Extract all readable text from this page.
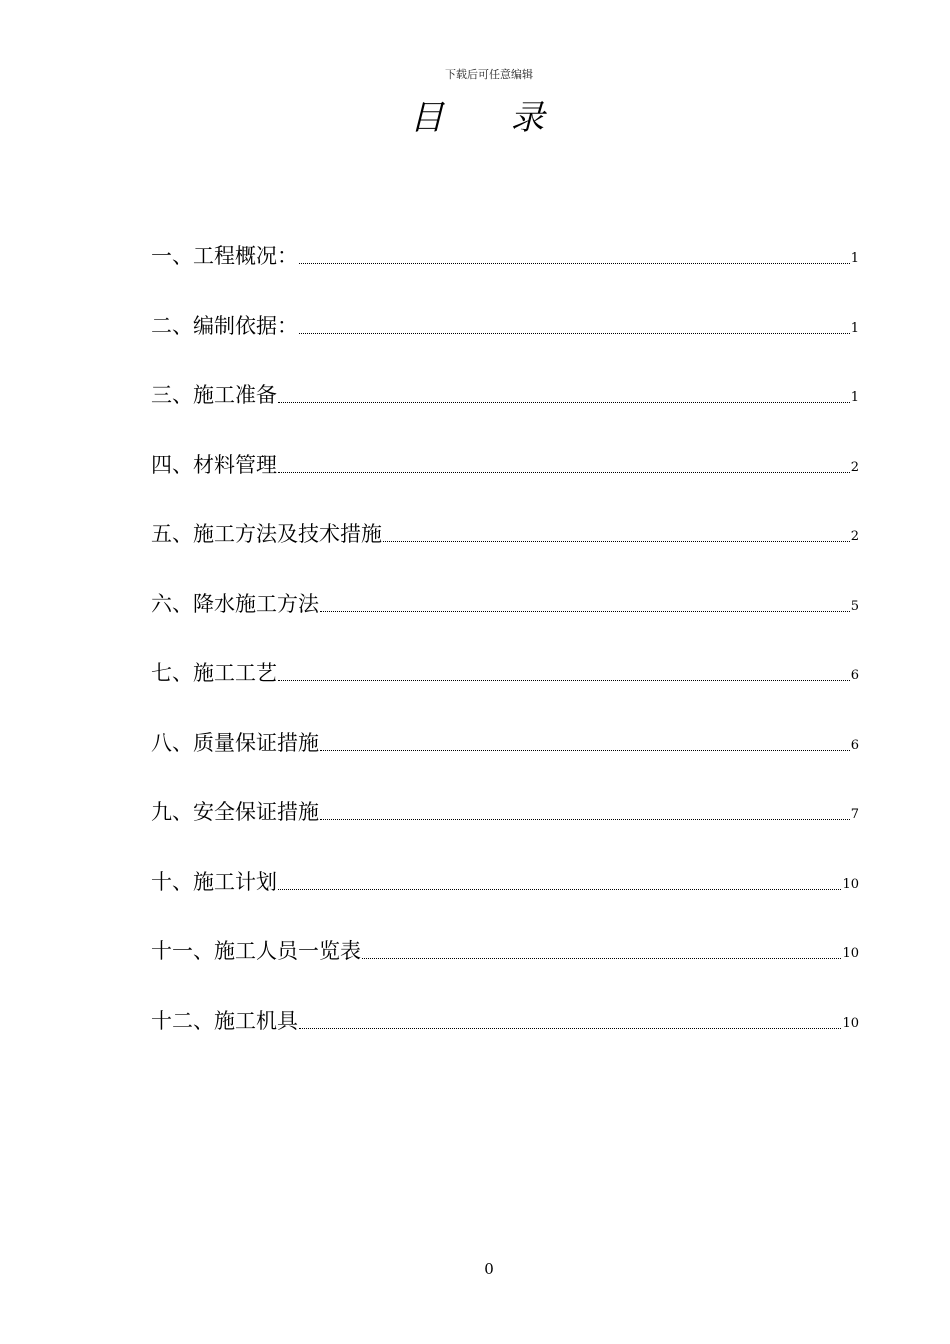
下载后可任意编辑
目 录
一、工程概况：	1
二、编制依据：	1
三、施工准备	1
四、材料管理	2
五、施工方法及技术措施	2
六、降水施工方法	5
七、施工工艺	6
八、质量保证措施	6
九、安全保证措施	7
十、施工计划	10
十一、施工人员一览表	10
十二、施工机具	10
0
